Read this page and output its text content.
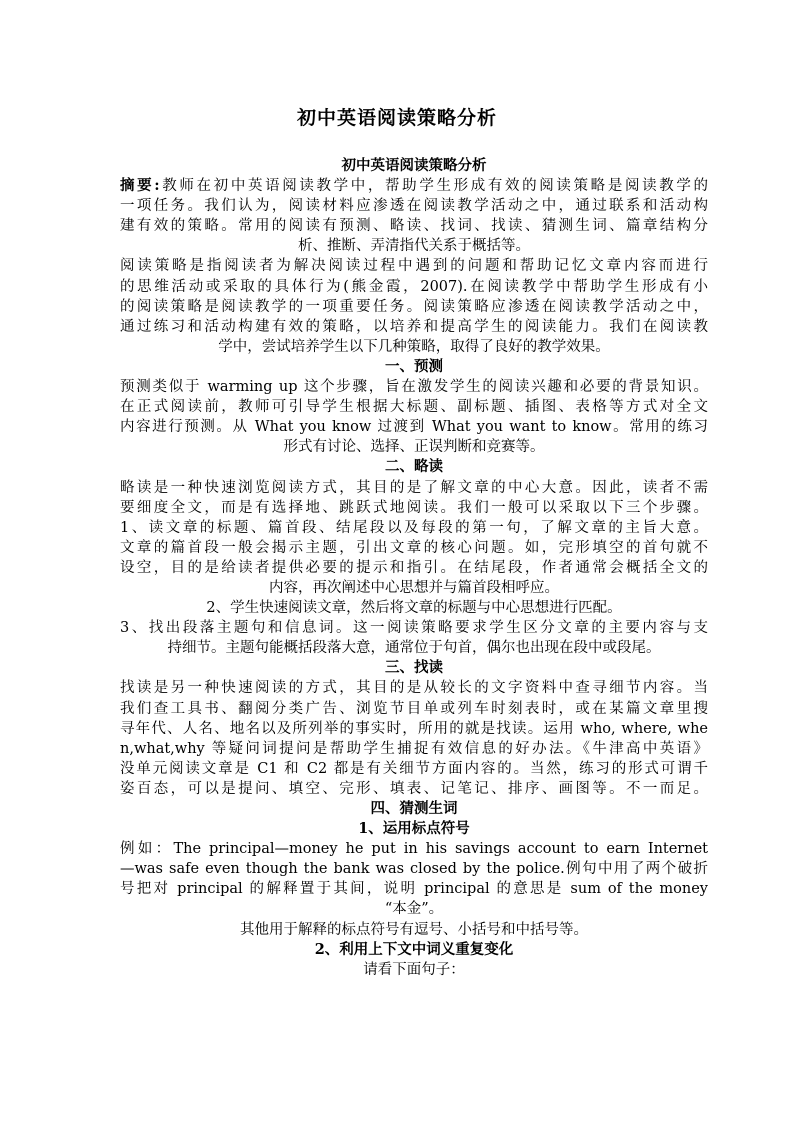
初中英语阅读策略分析
初中英语阅读策略分析
摘要:教师在初中英语阅读教学中，帮助学生形成有效的阅读策略是阅读教学的
一项任务。我们认为，阅读材料应渗透在阅读教学活动之中，通过联系和活动构
建有效的策略。常用的阅读有预测、略读、找词、找读、猜测生词、篇章结构分
析、推断、弄清指代关系于概括等。
阅读策略是指阅读者为解决阅读过程中遇到的问题和帮助记忆文章内容而进行
的思维活动或采取的具体行为(熊金霞，2007).在阅读教学中帮助学生形成有小
的阅读策略是阅读教学的一项重要任务。阅读策略应渗透在阅读教学活动之中，
通过练习和活动构建有效的策略，以培养和提高学生的阅读能力。我们在阅读教
学中，尝试培养学生以下几种策略，取得了良好的教学效果。
一、预测
预测类似于 warming up 这个步骤，旨在激发学生的阅读兴趣和必要的背景知识。
在正式阅读前，教师可引导学生根据大标题、副标题、插图、表格等方式对全文
内容进行预测。从 What you know 过渡到 What you want to know。常用的练习
形式有讨论、选择、正误判断和竞赛等。
二、略读
略读是一种快速浏览阅读方式，其目的是了解文章的中心大意。因此，读者不需
要细度全文，而是有选择地、跳跃式地阅读。我们一般可以采取以下三个步骤。
1、读文章的标题、篇首段、结尾段以及每段的第一句，了解文章的主旨大意。
文章的篇首段一般会揭示主题，引出文章的核心问题。如，完形填空的首句就不
设空，目的是给读者提供必要的提示和指引。在结尾段，作者通常会概括全文的
内容，再次阐述中心思想并与篇首段相呼应。
2、学生快速阅读文章，然后将文章的标题与中心思想进行匹配。
3、找出段落主题句和信息词。这一阅读策略要求学生区分文章的主要内容与支
持细节。主题句能概括段落大意，通常位于句首，偶尔也出现在段中或段尾。
三、找读
找读是另一种快速阅读的方式，其目的是从较长的文字资料中查寻细节内容。当
我们查工具书、翻阅分类广告、浏览节目单或列车时刻表时，或在某篇文章里搜
寻年代、人名、地名以及所列举的事实时，所用的就是找读。运用 who, where, whe
n,what,why 等疑问词提问是帮助学生捕捉有效信息的好办法。《牛津高中英语》
没单元阅读文章是 C1 和 C2 都是有关细节方面内容的。当然，练习的形式可谓千
姿百态，可以是提问、填空、完形、填表、记笔记、排序、画图等。不一而足。
四、猜测生词
1、运用标点符号
例如：The principal—money he put in his savings account to earn Internet
—was safe even though the bank was closed by the police.例句中用了两个破折
号把对 principal 的解释置于其间，说明 principal 的意思是 sum of the money
“本金”。
其他用于解释的标点符号有逗号、小括号和中括号等。
2、利用上下文中词义重复变化
请看下面句子：
